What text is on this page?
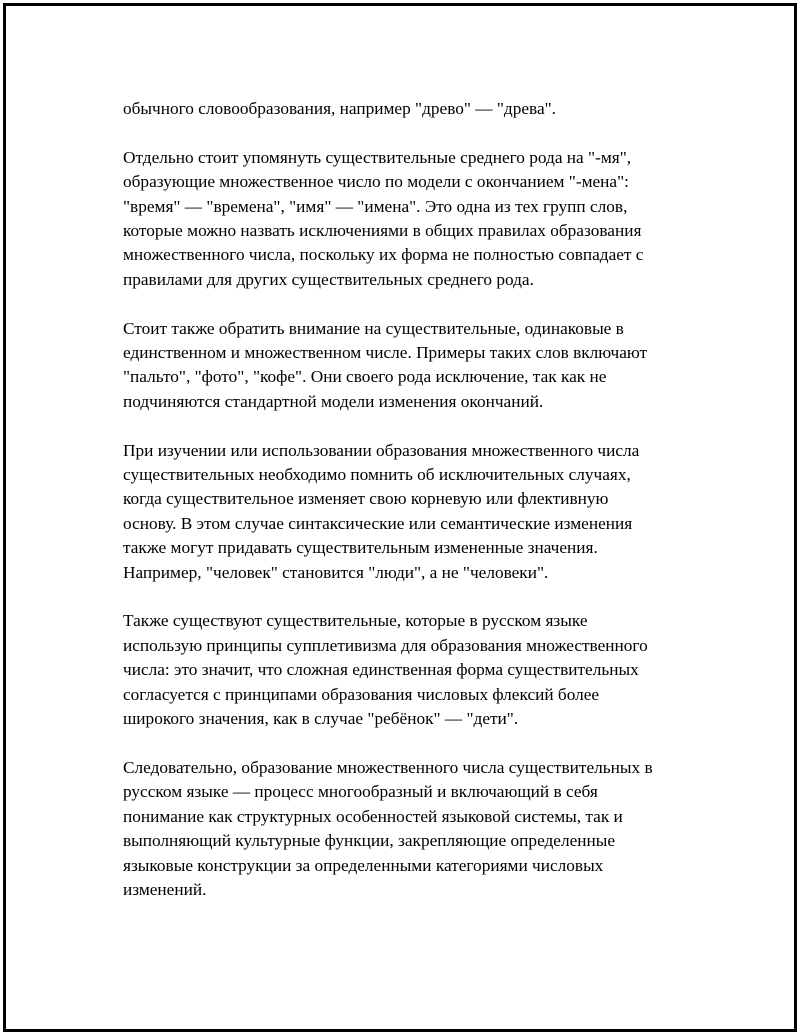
обычного словообразования, например "древо" — "древа".

Отдельно стоит упомянуть существительные среднего рода на "-мя",
образующие множественное число по модели с окончанием "-мена":
"время" — "времена", "имя" — "имена". Это одна из тех групп слов,
которые можно назвать исключениями в общих правилах образования
множественного числа, поскольку их форма не полностью совпадает с
правилами для других существительных среднего рода.

Стоит также обратить внимание на существительные, одинаковые в
единственном и множественном числе. Примеры таких слов включают
"пальто", "фото", "кофе". Они своего рода исключение, так как не
подчиняются стандартной модели изменения окончаний.

При изучении или использовании образования множественного числа
существительных необходимо помнить об исключительных случаях,
когда существительное изменяет свою корневую или флективную
основу. В этом случае синтаксические или семантические изменения
также могут придавать существительным измененные значения.
Например, "человек" становится "люди", а не "человеки".

Также существуют существительные, которые в русском языке
использую принципы супплетивизма для образования множественного
числа: это значит, что сложная единственная форма существительных
согласуется с принципами образования числовых флексий более
широкого значения, как в случае "ребёнок" — "дети".

Следовательно, образование множественного числа существительных в
русском языке — процесс многообразный и включающий в себя
понимание как структурных особенностей языковой системы, так и
выполняющий культурные функции, закрепляющие определенные
языковые конструкции за определенными категориями числовых
изменений.
